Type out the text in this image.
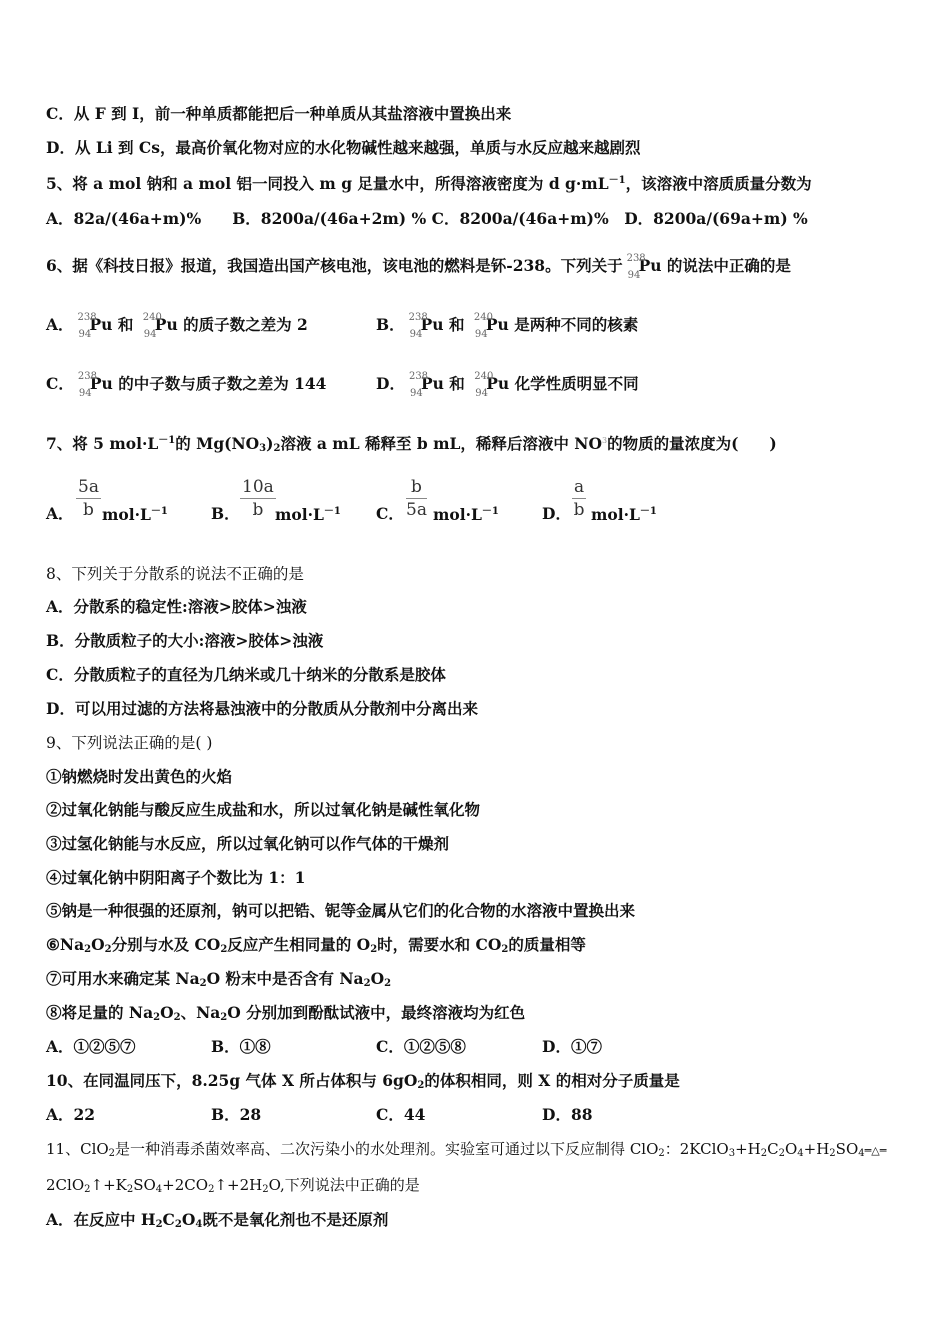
C．从 F 到 I，前一种单质都能把后一种单质从其盐溶液中置换出来
D．从 Li 到 Cs，最高价氧化物对应的水化物碱性越来越强，单质与水反应越来越剧烈
5、将 a mol 钠和 a mol 铝一同投入 m g 足量水中，所得溶液密度为 d $g\cdot mL^{-1}$，该溶液中溶质质量分数为
A．82a/(46a+m)%　　B．8200a/(46a+2m) % C．8200a/(46a+m)%　D．8200a/(69a+m) %
6、据《科技日报》报道，我国造出国产核电池，该电池的燃料是钚-238。下列关于 238
94
Pu 的说法中正确的是
A． 238
94
Pu 和 240
94
Pu 的质子数之差为 2	B． 238
94
Pu 和 240
94
Pu 是两种不同的核素
C． 238
94
Pu 的中子数与质子数之差为 144	D． 238
94
Pu 和 240
94
Pu 化学性质明显不同
7、将 5 $mol\cdot L^{-1}$的 $Mg(NO_3)_2$溶液 a mL 稀释至 b mL，稀释后溶液中 $NO^3$的物质的量浓度为(　　)
A． $\frac{5a}{b} mol\cdot L^{-1}$	B． $\frac{10a}{b} mol\cdot L^{-1}$ C． $\frac{b}{5a} mol\cdot L^{-1}$	D． $\frac{a}{b} mol\cdot L^{-1}$
8、下列关于分散系的说法不正确的是
A．分散系的稳定性:溶液>胶体>浊液
B．分散质粒子的大小:溶液>胶体>浊液
C．分散质粒子的直径为几纳米或几十纳米的分散系是胶体
D．可以用过滤的方法将悬浊液中的分散质从分散剂中分离出来
9、下列说法正确的是( )
①钠燃烧时发出黄色的火焰
②过氧化钠能与酸反应生成盐和水，所以过氧化钠是碱性氧化物
③过氢化钠能与水反应，所以过氧化钠可以作气体的干燥剂
④过氧化钠中阴阳离子个数比为 1：1
⑤钠是一种很强的还原剂，钠可以把锆、铌等金属从它们的化合物的水溶液中置换出来
$⑥Na_2O_2$分别与水及 $CO_2$反应产生相同量的 $O_2$时，需要水和 $CO_2$的质量相等
⑦可用水来确定某 $Na_2O$ 粉末中是否含有 $Na_2O_2$
⑧将足量的 $Na_2O_2$、$Na_2O$ 分别加到酚酞试液中，最终溶液均为红色
A．①②⑤⑦	B．①⑧	C．①②⑤⑧	D．①⑦
10、在同温同压下，8.25g 气体 X 所占体积与 $6gO_2$的体积相同，则 X 的相对分子质量是
A．22	B．28	C．44	D．88
11、ClO$_2$是一种消毒杀菌效率高、二次污染小的水处理剂。实验室可通过以下反应制得 ClO$_2$：$2KClO_3+H_2C_2O_4+H_2SO_4═\triangle═$
$2ClO_2↑+K_2SO_4+2CO_2↑+2H_2O$,下列说法中正确的是
A．在反应中 $H_2C_2O_4$既不是氧化剂也不是还原剂
